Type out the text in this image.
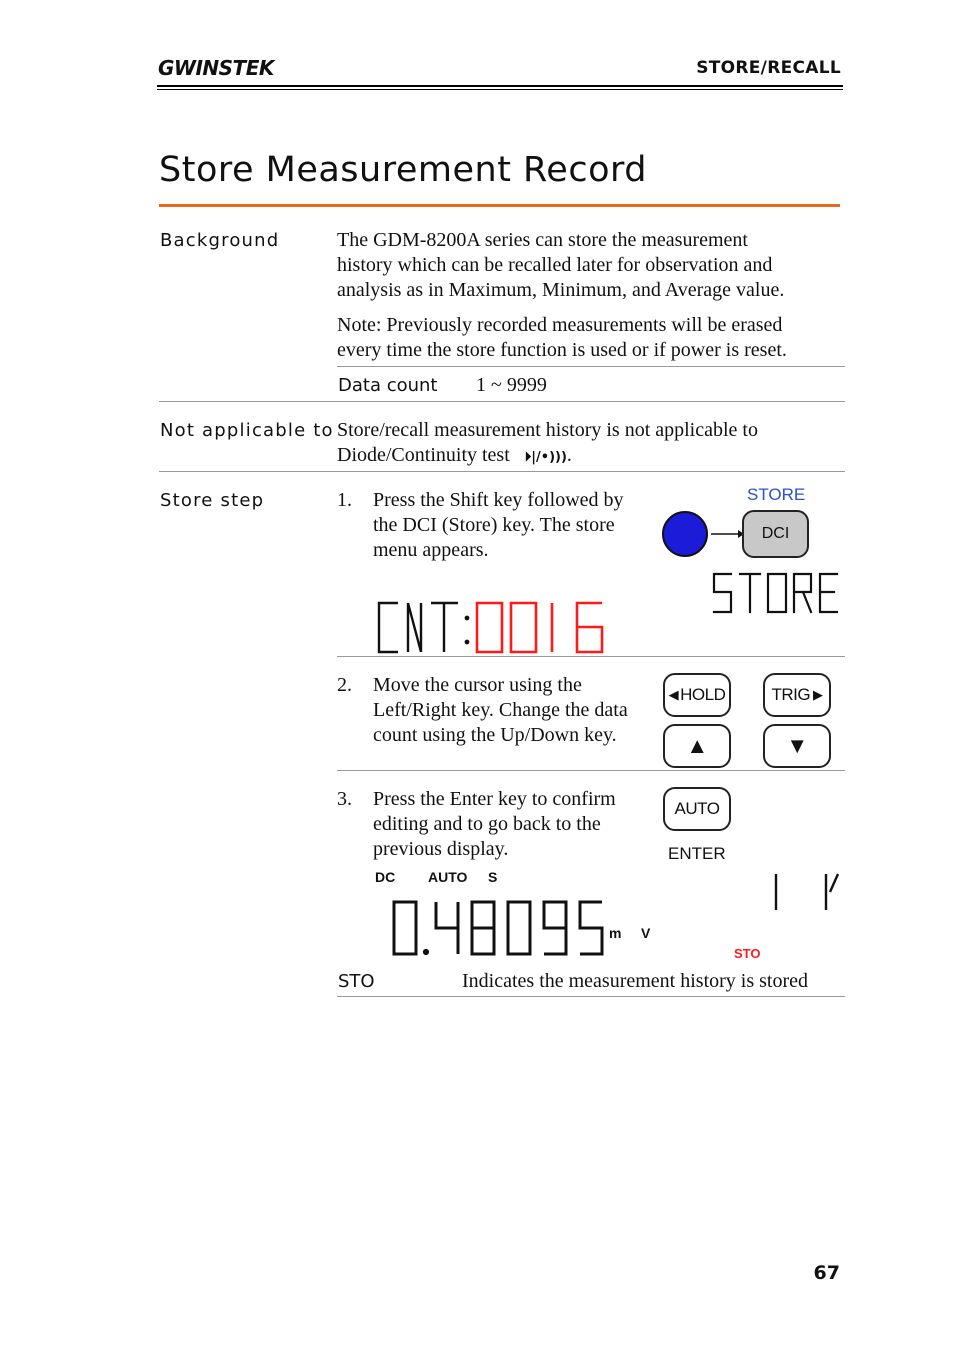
GWINSTEK	STORE/RECALL
Store Measurement Record
Background	The GDM-8200A series can store the measurement
history which can be recalled later for observation and
analysis as in Maximum, Minimum, and Average value.
Note: Previously recorded measurements will be erased
every time the store function is used or if power is reset.
Data count 1 ~ 9999
Not applicable to Store/recall measurement history is not applicable to
Diode/Continuity test ⏵|/•))).
Store step	1. Press the Shift key followed by
the DCI (Store) key. The store
menu appears.
STORE
DCI
2. Move the cursor using the
Left/Right key. Change the data
count using the Up/Down key.
◀ HOLD	TRIG ▶
▲	▼
3. Press the Enter key to confirm
editing and to go back to the
previous display.
AUTO
ENTER
DC AUTO S
m V
STO
STO	Indicates the measurement history is stored
67
